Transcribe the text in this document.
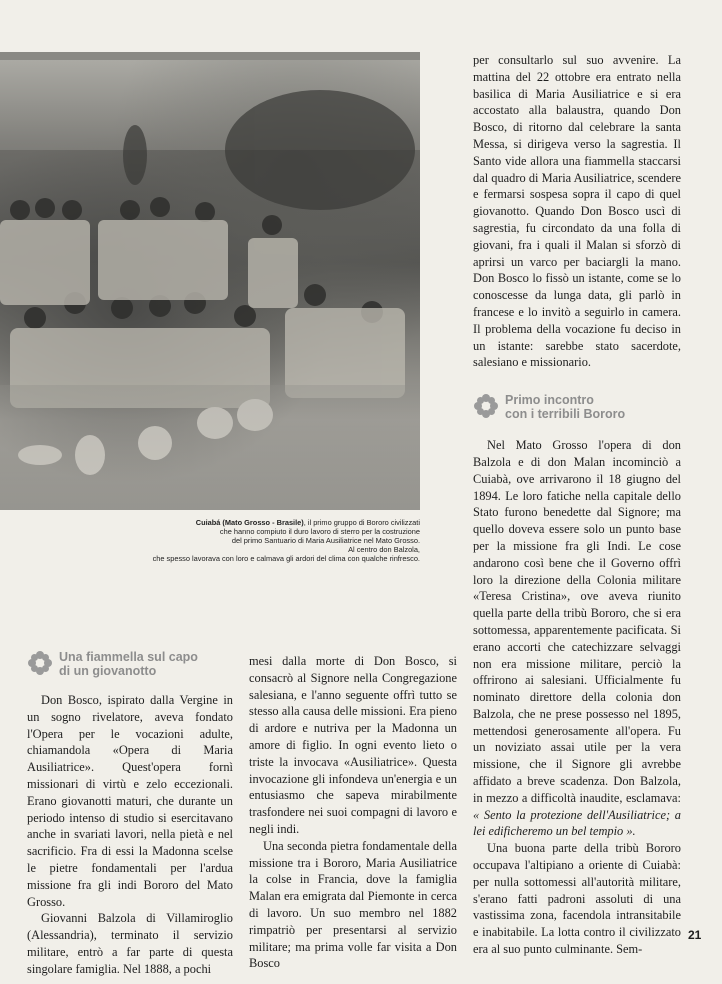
Cuiabá (Mato Grosso - Brasile), il primo gruppo di Bororo civilizzati
che hanno compiuto il duro lavoro di sterro per la costruzione
del primo Santuario di Maria Ausiliatrice nel Mato Grosso.
Al centro don Balzola,
che spesso lavorava con loro e calmava gli ardori del clima con qualche rinfresco.
Una fiammella sul capo
di un giovanotto

Don Bosco, ispirato dalla Vergine in un sogno rivelatore, aveva fondato l'Opera per le vocazioni adulte, chiamandola «Opera di Maria Ausiliatrice». Quest'opera fornì missionari di virtù e zelo eccezionali. Erano giovanotti maturi, che durante un periodo intenso di studio si esercitavano anche in svariati lavori, nella pietà e nel sacrificio. Fra di essi la Madonna scelse le pietre fondamentali per l'ardua missione fra gli indi Bororo del Mato Grosso.

Giovanni Balzola di Villamiroglio (Alessandria), terminato il servizio militare, entrò a far parte di questa singolare famiglia. Nel 1888, a pochi

mesi dalla morte di Don Bosco, si consacrò al Signore nella Congregazione salesiana, e l'anno seguente offrì tutto se stesso alla causa delle missioni. Era pieno di ardore e nutriva per la Madonna un amore di figlio. In ogni evento lieto o triste la invocava «Ausiliatrice». Questa invocazione gli infondeva un'energia e un entusiasmo che sapeva mirabilmente trasfondere nei suoi compagni di lavoro e negli indi.

Una seconda pietra fondamentale della missione tra i Bororo, Maria Ausiliatrice la colse in Francia, dove la famiglia Malan era emigrata dal Piemonte in cerca di lavoro. Un suo membro nel 1882 rimpatriò per presentarsi al servizio militare; ma prima volle far visita a Don Bosco

per consultarlo sul suo avvenire. La mattina del 22 ottobre era entrato nella basilica di Maria Ausiliatrice e si era accostato alla balaustra, quando Don Bosco, di ritorno dal celebrare la santa Messa, si dirigeva verso la sagrestia. Il Santo vide allora una fiammella staccarsi dal quadro di Maria Ausiliatrice, scendere e fermarsi sospesa sopra il capo di quel giovanotto. Quando Don Bosco uscì di sagrestia, fu circondato da una folla di giovani, fra i quali il Malan si sforzò di aprirsi un varco per baciargli la mano. Don Bosco lo fissò un istante, come se lo conoscesse da lunga data, gli parlò in francese e lo invitò a seguirlo in camera. Il problema della vocazione fu deciso in un istante: sarebbe stato sacerdote, salesiano e missionario.

Primo incontro
con i terribili Bororo

Nel Mato Grosso l'opera di don Balzola e di don Malan incominciò a Cuiabà, ove arrivarono il 18 giugno del 1894. Le loro fatiche nella capitale dello Stato furono benedette dal Signore; ma quello doveva essere solo un punto base per la missione fra gli Indi. Le cose andarono così bene che il Governo offrì loro la direzione della Colonia militare «Teresa Cristina», ove aveva riunito quella parte della tribù Bororo, che si era sottomessa, apparentemente pacificata. Si erano accorti che catechizzare selvaggi non era missione militare, perciò la offrirono ai salesiani. Ufficialmente fu nominato direttore della colonia don Balzola, che ne prese possesso nel 1895, mettendosi generosamente all'opera. Fu un noviziato assai utile per la vera missione, che il Signore gli avrebbe affidato a breve scadenza. Don Balzola, in mezzo a difficoltà inaudite, esclamava: « Sento la protezione dell'Ausiliatrice; a lei edificheremo un bel tempio ».

Una buona parte della tribù Bororo occupava l'altipiano a oriente di Cuiabà: per nulla sottomessi all'autorità militare, s'erano fatti padroni assoluti di una vastissima zona, facendola intransitabile e inabitabile. La lotta contro il civilizzato era al suo punto culminante. Sem-

21
